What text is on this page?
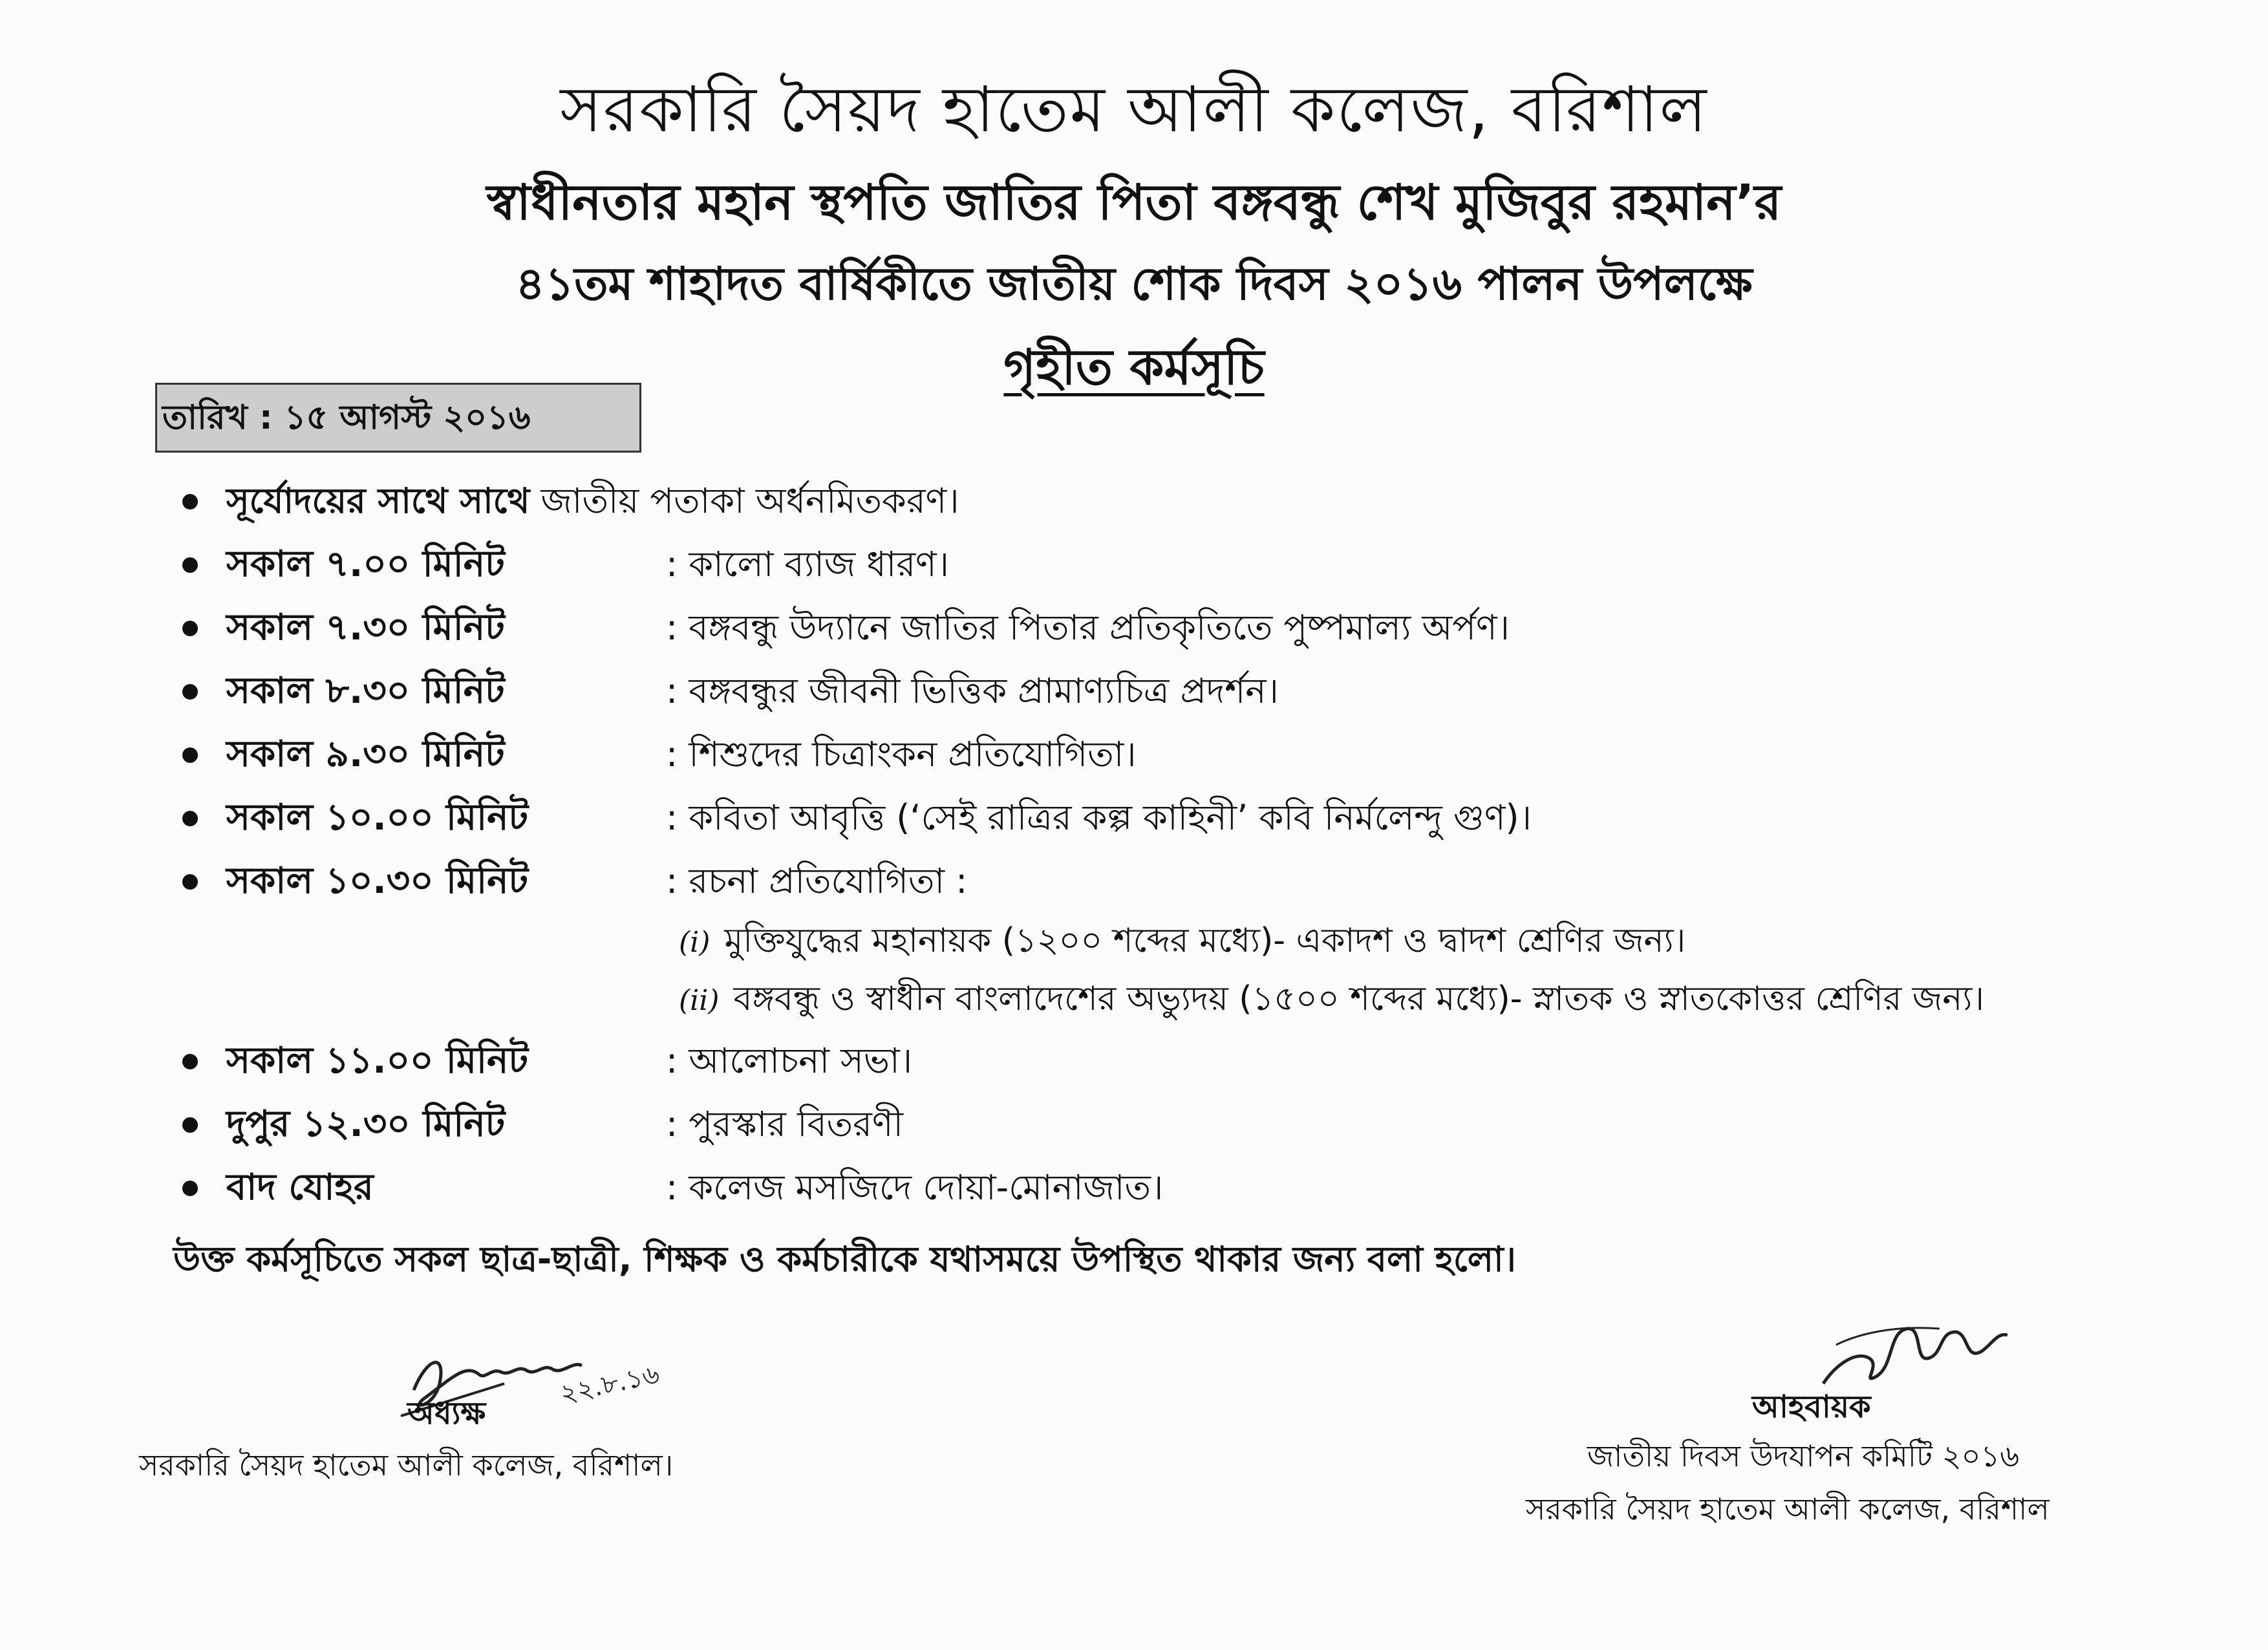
সরকারি সৈয়দ হাতেম আলী কলেজ, বরিশাল
স্বাধীনতার মহান স্থপতি জাতির পিতা বঙ্গবন্ধু শেখ মুজিবুর রহমান’র
৪১তম শাহাদত বার্ষিকীতে জাতীয় শোক দিবস ২০১৬ পালন উপলক্ষে
গৃহীত কর্মসূচি
তারিখ : ১৫ আগস্ট ২০১৬
সূর্যোদয়ের সাথে সাথে জাতীয় পতাকা অর্ধনমিতকরণ।
সকাল ৭.০০ মিনিট	: কালো ব্যাজ ধারণ।
সকাল ৭.৩০ মিনিট	: বঙ্গবন্ধু উদ্যানে জাতির পিতার প্রতিকৃতিতে পুষ্পমাল্য অর্পণ।
সকাল ৮.৩০ মিনিট	: বঙ্গবন্ধুর জীবনী ভিত্তিক প্রামাণ্যচিত্র প্রদর্শন।
সকাল ৯.৩০ মিনিট	: শিশুদের চিত্রাংকন প্রতিযোগিতা।
সকাল ১০.০০ মিনিট	: কবিতা আবৃত্তি (‘সেই রাত্রির কল্প কাহিনী’ কবি নির্মলেন্দু গুণ)।
সকাল ১০.৩০ মিনিট	: রচনা প্রতিযোগিতা :
(i) মুক্তিযুদ্ধের মহানায়ক (১২০০ শব্দের মধ্যে)- একাদশ ও দ্বাদশ শ্রেণির জন্য।
(ii) বঙ্গবন্ধু ও স্বাধীন বাংলাদেশের অভ্যুদয় (১৫০০ শব্দের মধ্যে)- স্নাতক ও স্নাতকোত্তর শ্রেণির জন্য।
সকাল ১১.০০ মিনিট	: আলোচনা সভা।
দুপুর ১২.৩০ মিনিট	: পুরস্কার বিতরণী
বাদ যোহর	: কলেজ মসজিদে দোয়া-মোনাজাত।
উক্ত কর্মসূচিতে সকল ছাত্র-ছাত্রী, শিক্ষক ও কর্মচারীকে যথাসময়ে উপস্থিত থাকার জন্য বলা হলো।
২২.৮.১৬
অধ্যক্ষ
সরকারি সৈয়দ হাতেম আলী কলেজ, বরিশাল।
আহবায়ক
জাতীয় দিবস উদযাপন কমিটি ২০১৬
সরকারি সৈয়দ হাতেম আলী কলেজ, বরিশাল
